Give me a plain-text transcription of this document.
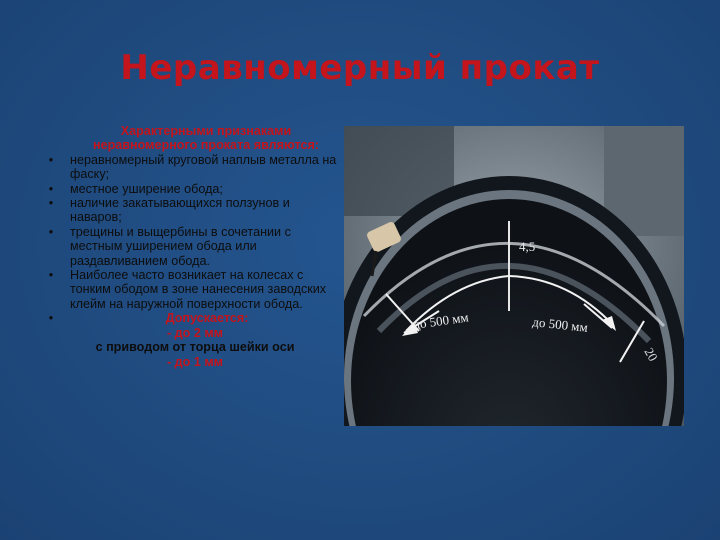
Неравномерный прокат
4,5
до 500 мм	до 500 мм
20
Характерными признаками неравномерного проката являются:
• неравномерный круговой наплыв металла на фаску;
• местное уширение обода;
• наличие закатывающихся ползунов и наваров;
• трещины и выщербины в сочетании с местным уширением обода или раздавливанием обода.
• Наиболее часто возникает на колесах с тонким ободом в зоне нанесения заводских клейм на наружной поверхности обода.
•	Допускается:
- до 2 мм
с приводом от торца шейки оси
- до 1 мм
